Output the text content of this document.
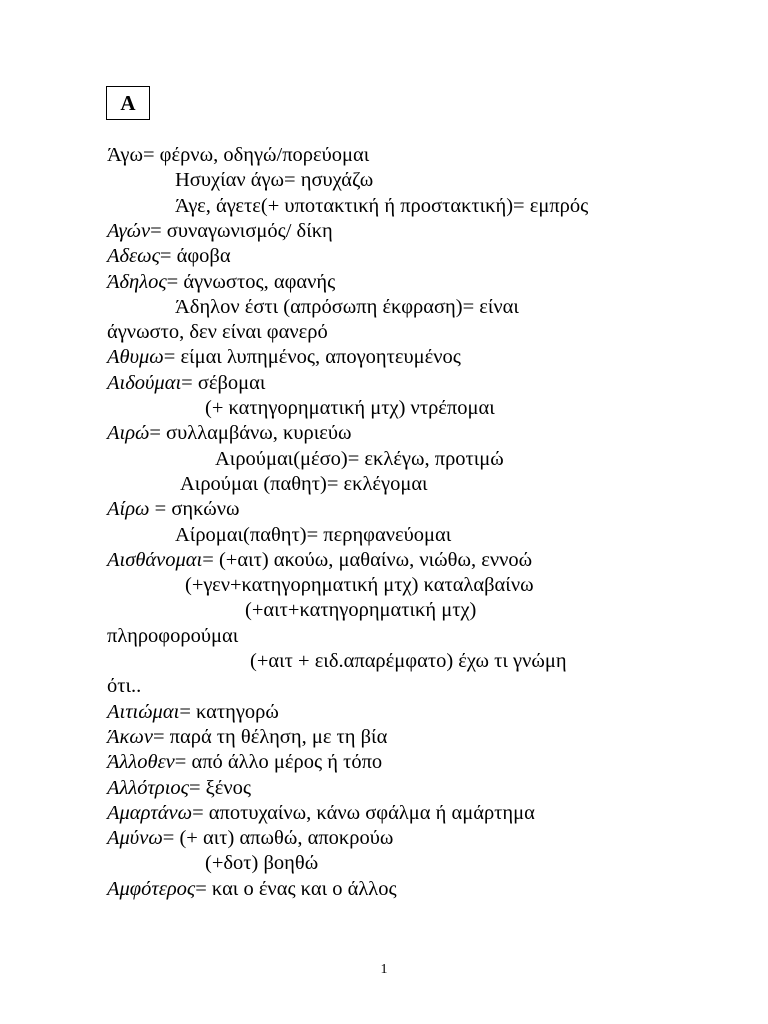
Α
Άγω= φέρνω, οδηγώ/πορεύομαι
Ησυχίαν άγω= ησυχάζω
Άγε, άγετε(+ υποτακτική ή προστακτική)= εμπρός
Αγών= συναγωνισμός/ δίκη
Αδεως= άφοβα
Άδηλος= άγνωστος, αφανής
Άδηλον έστι (απρόσωπη έκφραση)= είναι
άγνωστο, δεν είναι φανερό
Αθυμω= είμαι λυπημένος, απογοητευμένος
Αιδούμαι= σέβομαι
(+ κατηγορηματική μτχ) ντρέπομαι
Αιρώ= συλλαμβάνω, κυριεύω
Αιρούμαι(μέσο)= εκλέγω, προτιμώ
Αιρούμαι (παθητ)= εκλέγομαι
Αίρω = σηκώνω
Αίρομαι(παθητ)= περηφανεύομαι
Αισθάνομαι= (+αιτ) ακούω, μαθαίνω, νιώθω, εννοώ
(+γεν+κατηγορηματική μτχ) καταλαβαίνω
(+αιτ+κατηγορηματική μτχ)
πληροφορούμαι
(+αιτ + ειδ.απαρέμφατο) έχω τι γνώμη
ότι..
Αιτιώμαι= κατηγορώ
Άκων= παρά τη θέληση, με τη βία
Άλλοθεν= από άλλο μέρος ή τόπο
Αλλότριος= ξένος
Αμαρτάνω= αποτυχαίνω, κάνω σφάλμα ή αμάρτημα
Αμύνω= (+ αιτ) απωθώ, αποκρούω
(+δοτ) βοηθώ
Αμφότερος= και ο ένας και ο άλλος
1
